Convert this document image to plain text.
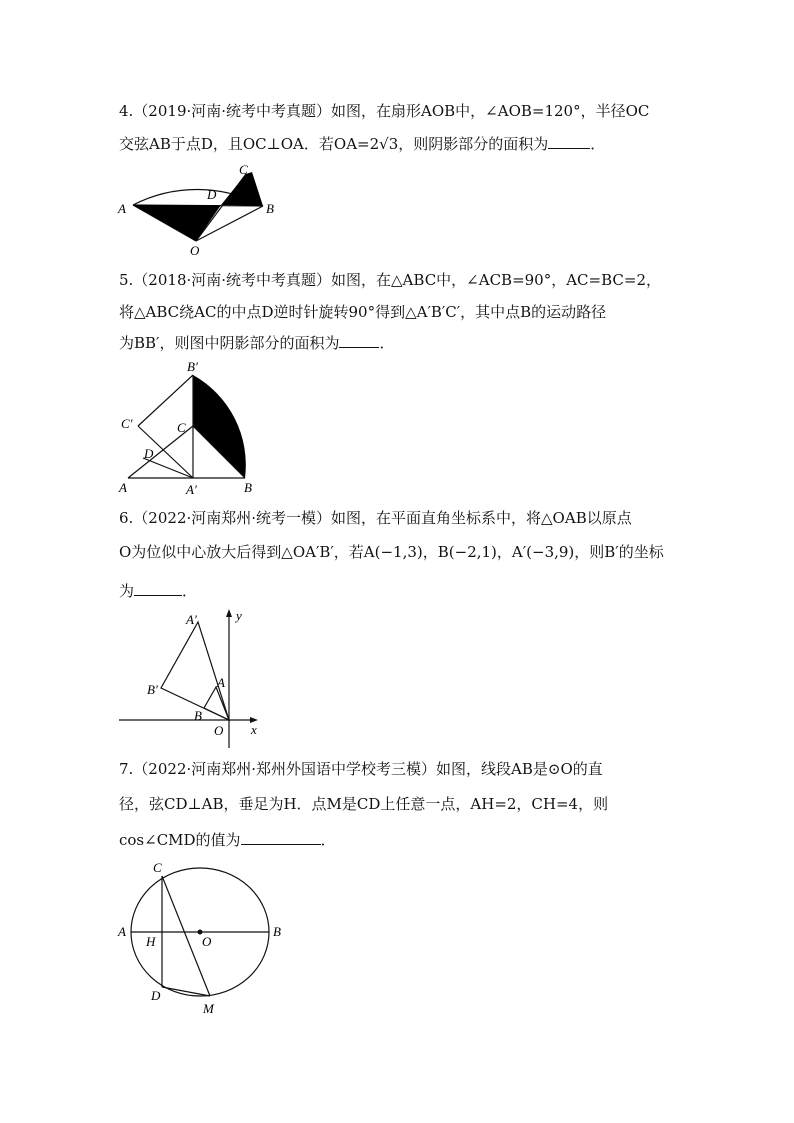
4.（2019·河南·统考中考真题）如图，在扇形AOB中，∠AOB=120°，半径OC
交弦AB于点D，且OC⊥OA．若OA=2√3，则阴影部分的面积为	．
A	B
C
D
O
5.（2018·河南·统考中考真题）如图，在△ABC中，∠ACB=90°，AC=BC=2，
将△ABC绕AC的中点D逆时针旋转90°得到△A′B′C′，其中点B的运动路径
为BB′，则图中阴影部分的面积为	．
B′
C′	C
D
A	A′	B
6.（2022·河南郑州·统考一模）如图，在平面直角坐标系中，将△OAB以原点
O为位似中心放大后得到△OA′B′，若A(−1,3)，B(−2,1)，A′(−3,9)，则B′的坐标
为	．
A′	y
A
B′
B
O x
7.（2022·河南郑州·郑州外国语中学校考三模）如图，线段AB是⊙O的直
径，弦CD⊥AB，垂足为H．点M是CD上任意一点，AH=2，CH=4，则
cos∠CMD的值为	．
C
A
H	O
B
D
M
